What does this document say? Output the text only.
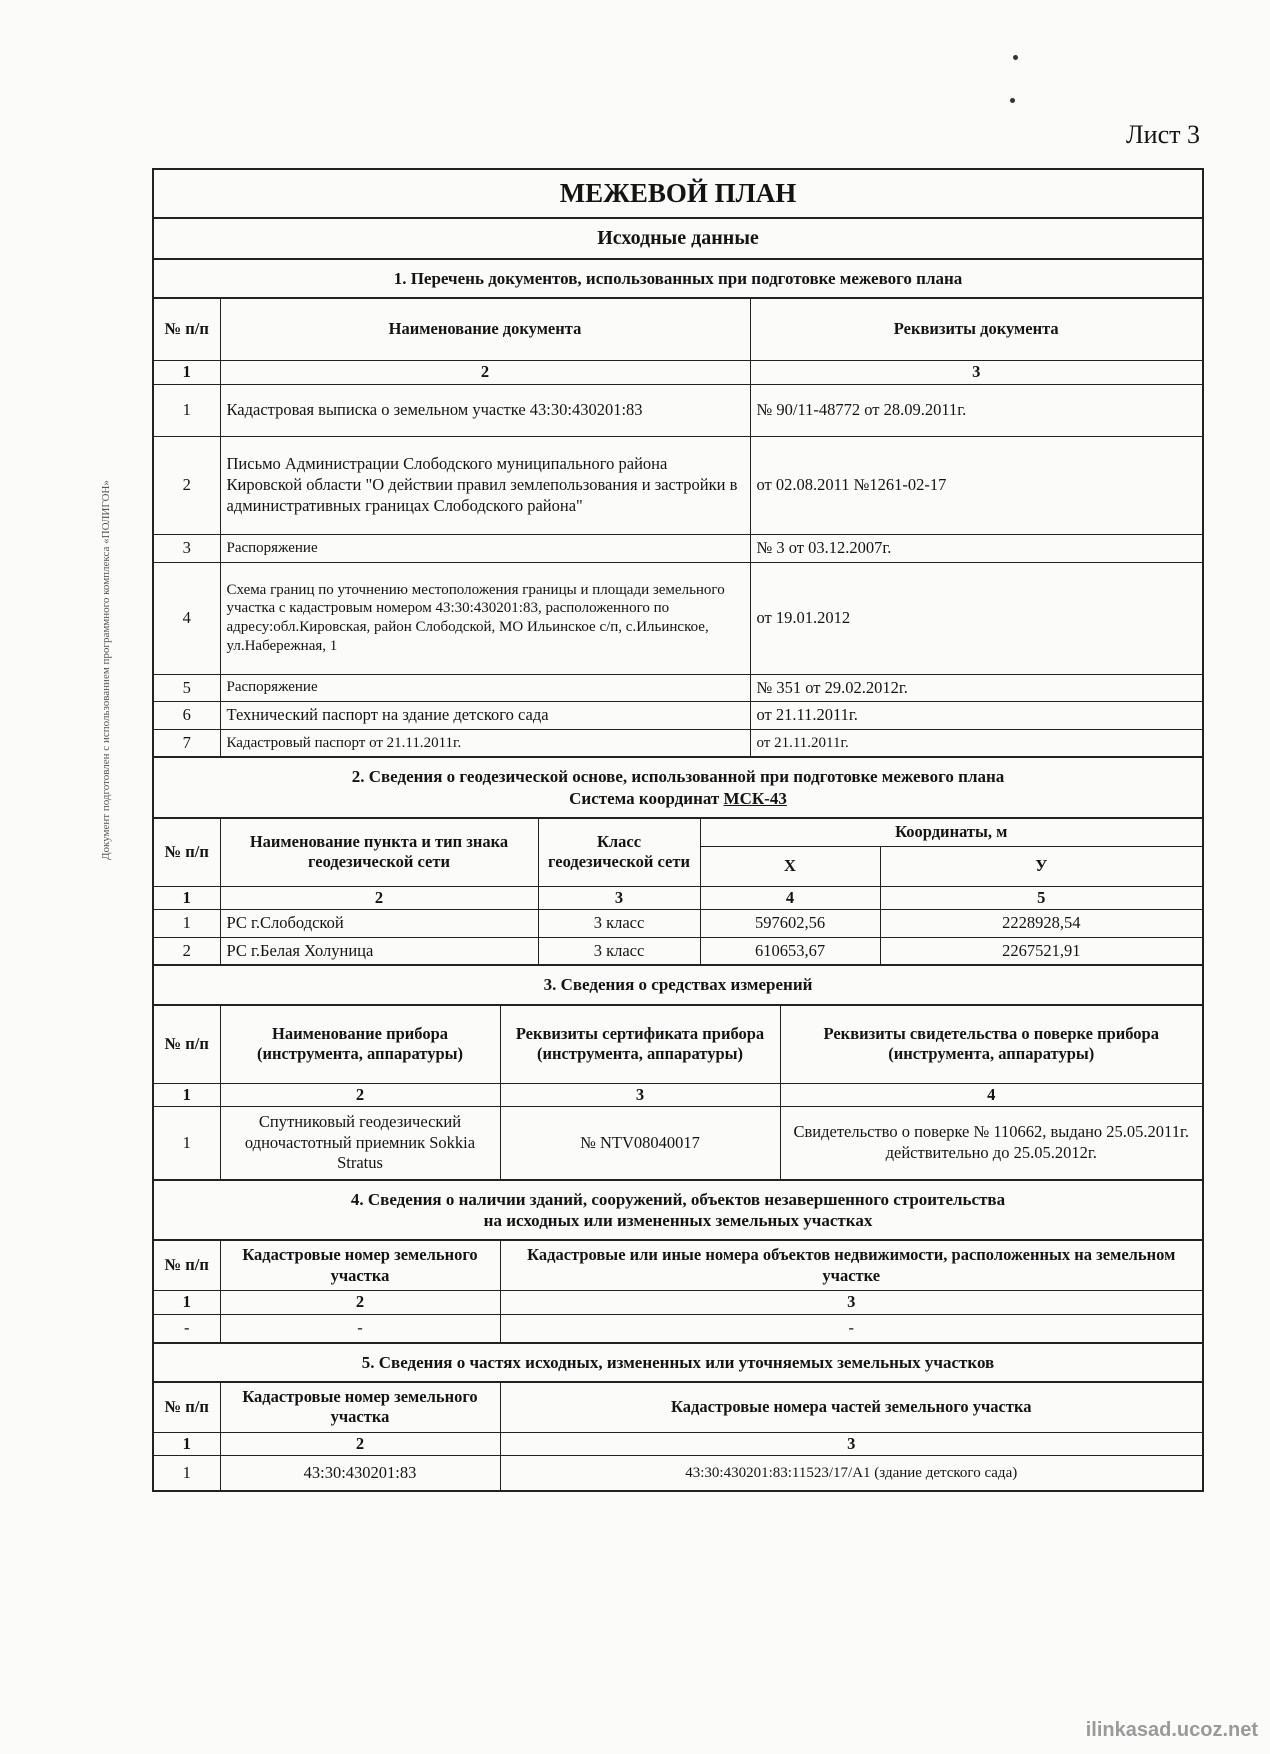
Документ подготовлен с использованием программного комплекса «ПОЛИГОН»
Лист 3
МЕЖЕВОЙ ПЛАН
Исходные данные
1. Перечень документов, использованных при подготовке межевого плана
№ п/п	Наименование документа	Реквизиты документа
1	2	3
1	Кадастровая выписка о земельном участке 43:30:430201:83	№ 90/11-48772 от 28.09.2011г.
2	Письмо Администрации Слободского муниципального района Кировской области "О действии правил землепользования и застройки в административных границах Слободского района"	от 02.08.2011 №1261-02-17
3	Распоряжение	№ 3 от 03.12.2007г.
4	Схема границ по уточнению местоположения границы и площади земельного участка с кадастровым номером 43:30:430201:83, расположенного по адресу:обл.Кировская, район Слободской, МО Ильинское с/п, с.Ильинское, ул.Набережная, 1	от 19.01.2012
5	Распоряжение	№ 351 от 29.02.2012г.
6	Технический паспорт на здание детского сада	от 21.11.2011г.
7	Кадастровый паспорт от 21.11.2011г.	от 21.11.2011г.
2. Сведения о геодезической основе, использованной при подготовке межевого плана
Система координат МСК-43
№ п/п	Наименование пункта и тип знака геодезической сети	Класс геодезической сети	Координаты, м	
			X	У
1	2	3	4	5
1	РС г.Слободской	3 класс	597602,56	2228928,54
2	РС г.Белая Холуница	3 класс	610653,67	2267521,91
3. Сведения о средствах измерений
№ п/п	Наименование прибора (инструмента, аппаратуры)	Реквизиты сертификата прибора (инструмента, аппаратуры)	Реквизиты свидетельства о поверке прибора (инструмента, аппаратуры)
1	2	3	4
1	Спутниковый геодезический одночастотный приемник Sokkia Stratus	№ NTV08040017	Свидетельство о поверке № 110662, выдано 25.05.2011г. действительно до 25.05.2012г.
4. Сведения о наличии зданий, сооружений, объектов незавершенного строительства
на исходных или измененных земельных участках
№ п/п	Кадастровые номер земельного участка	Кадастровые или иные номера объектов недвижимости, расположенных на земельном участке
1	2	3
-	-	-
5. Сведения о частях исходных, измененных или уточняемых земельных участков
№ п/п	Кадастровые номер земельного участка	Кадастровые номера частей земельного участка
1	2	3
1	43:30:430201:83	43:30:430201:83:11523/17/А1 (здание детского сада)
ilinkasad.ucoz.net
